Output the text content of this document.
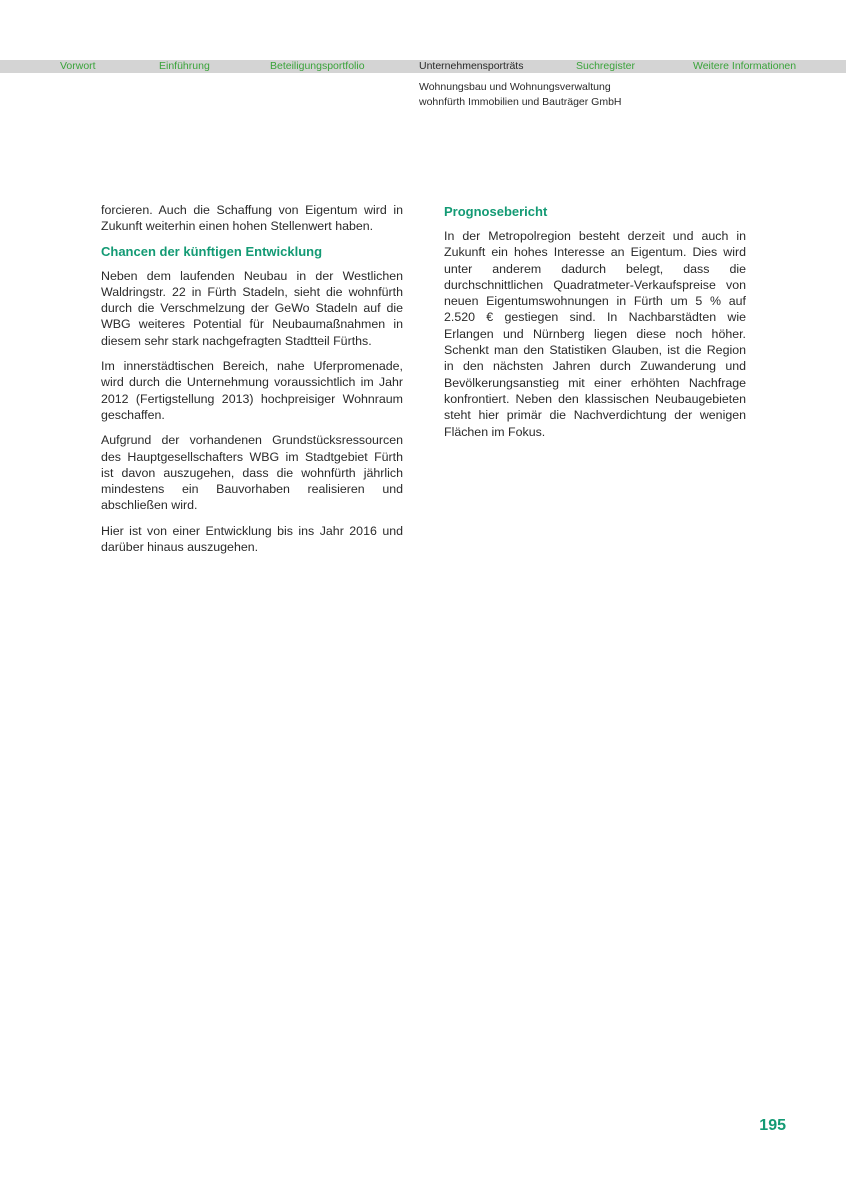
Vorwort	Einführung	Beteiligungsportfolio	Unternehmensporträts	Suchregister	Weitere Informationen
Wohnungsbau und Wohnungsverwaltung
wohnfürth Immobilien und Bauträger GmbH

forcieren. Auch die Schaffung von Eigentum wird in Zukunft weiterhin einen hohen Stellenwert haben.

Chancen der künftigen Entwicklung

Neben dem laufenden Neubau in der Westlichen Waldringstr. 22 in Fürth Stadeln, sieht die wohnfürth durch die Verschmelzung der GeWo Stadeln auf die WBG weiteres Potential für Neubaumaßnahmen in diesem sehr stark nachgefragten Stadtteil Fürths.

Im innerstädtischen Bereich, nahe Uferpromenade, wird durch die Unternehmung voraussichtlich im Jahr 2012 (Fertigstellung 2013) hochpreisiger Wohnraum geschaffen.

Aufgrund der vorhandenen Grundstücksressourcen des Hauptgesellschafters WBG im Stadtgebiet Fürth ist davon auszugehen, dass die wohnfürth jährlich mindestens ein Bauvorhaben realisieren und abschließen wird.

Hier ist von einer Entwicklung bis ins Jahr 2016 und darüber hinaus auszugehen.

Prognosebericht

In der Metropolregion besteht derzeit und auch in Zukunft ein hohes Interesse an Eigentum. Dies wird unter anderem dadurch belegt, dass die durchschnittlichen Quadratmeter-Verkaufspreise von neuen Eigentumswohnungen in Fürth um 5 % auf 2.520 € gestiegen sind. In Nachbarstädten wie Erlangen und Nürnberg liegen diese noch höher. Schenkt man den Statistiken Glauben, ist die Region in den nächsten Jahren durch Zuwanderung und Bevölkerungsanstieg mit einer erhöhten Nachfrage konfrontiert. Neben den klassischen Neubaugebieten steht hier primär die Nachverdichtung der wenigen Flächen im Fokus.

195
